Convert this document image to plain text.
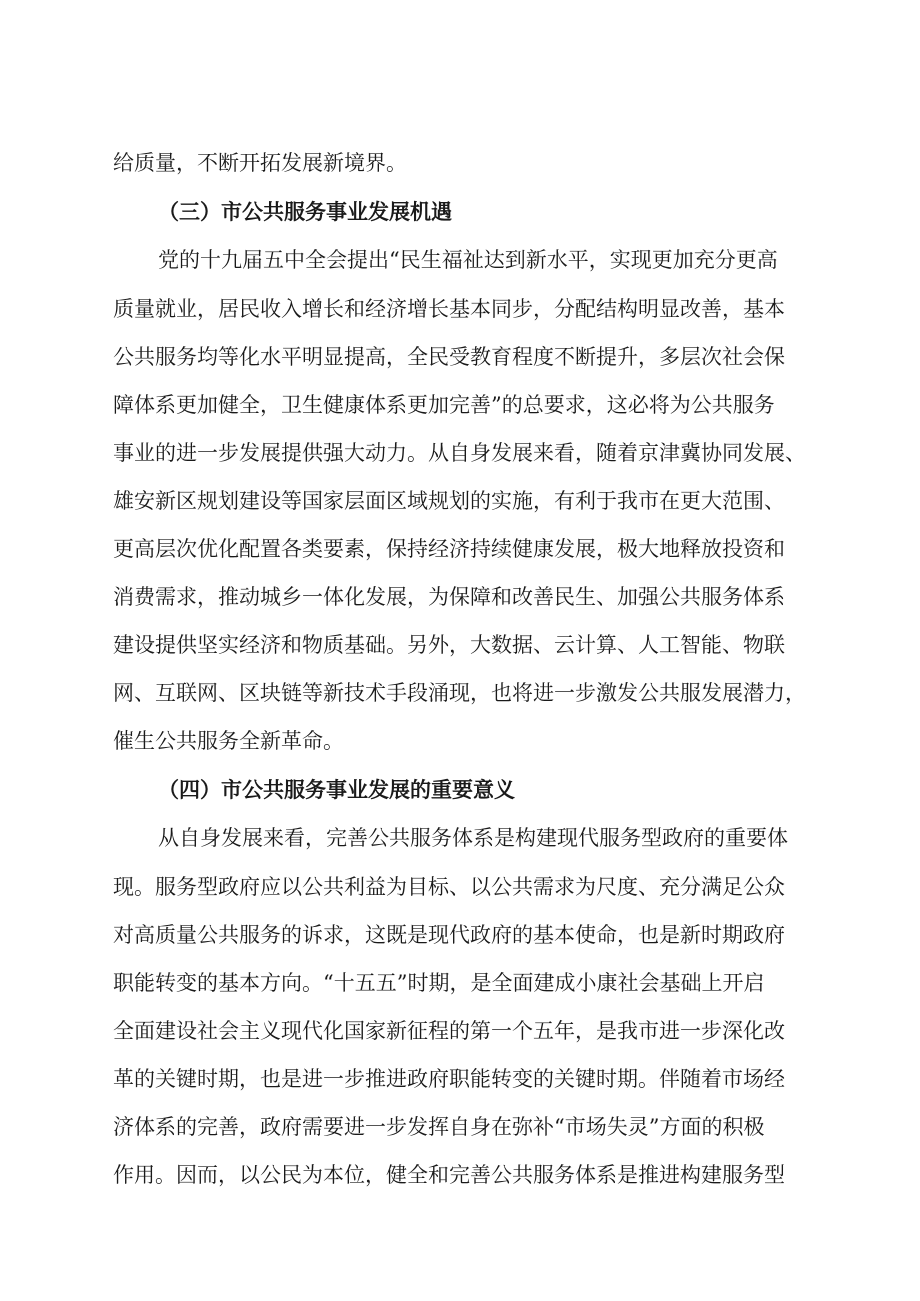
给质量，不断开拓发展新境界。
（三）市公共服务事业发展机遇
党的十九届五中全会提出“民生福祉达到新水平，实现更加充分更高
质量就业，居民收入增长和经济增长基本同步，分配结构明显改善，基本
公共服务均等化水平明显提高，全民受教育程度不断提升，多层次社会保
障体系更加健全，卫生健康体系更加完善”的总要求，这必将为公共服务
事业的进一步发展提供强大动力。从自身发展来看，随着京津冀协同发展、
雄安新区规划建设等国家层面区域规划的实施，有利于我市在更大范围、
更高层次优化配置各类要素，保持经济持续健康发展，极大地释放投资和
消费需求，推动城乡一体化发展，为保障和改善民生、加强公共服务体系
建设提供坚实经济和物质基础。另外，大数据、云计算、人工智能、物联
网、互联网、区块链等新技术手段涌现，也将进一步激发公共服发展潜力，
催生公共服务全新革命。
（四）市公共服务事业发展的重要意义
从自身发展来看，完善公共服务体系是构建现代服务型政府的重要体
现。服务型政府应以公共利益为目标、以公共需求为尺度、充分满足公众
对高质量公共服务的诉求，这既是现代政府的基本使命，也是新时期政府
职能转变的基本方向。“十五五”时期，是全面建成小康社会基础上开启
全面建设社会主义现代化国家新征程的第一个五年，是我市进一步深化改
革的关键时期，也是进一步推进政府职能转变的关键时期。伴随着市场经
济体系的完善，政府需要进一步发挥自身在弥补“市场失灵”方面的积极
作用。因而，以公民为本位，健全和完善公共服务体系是推进构建服务型
